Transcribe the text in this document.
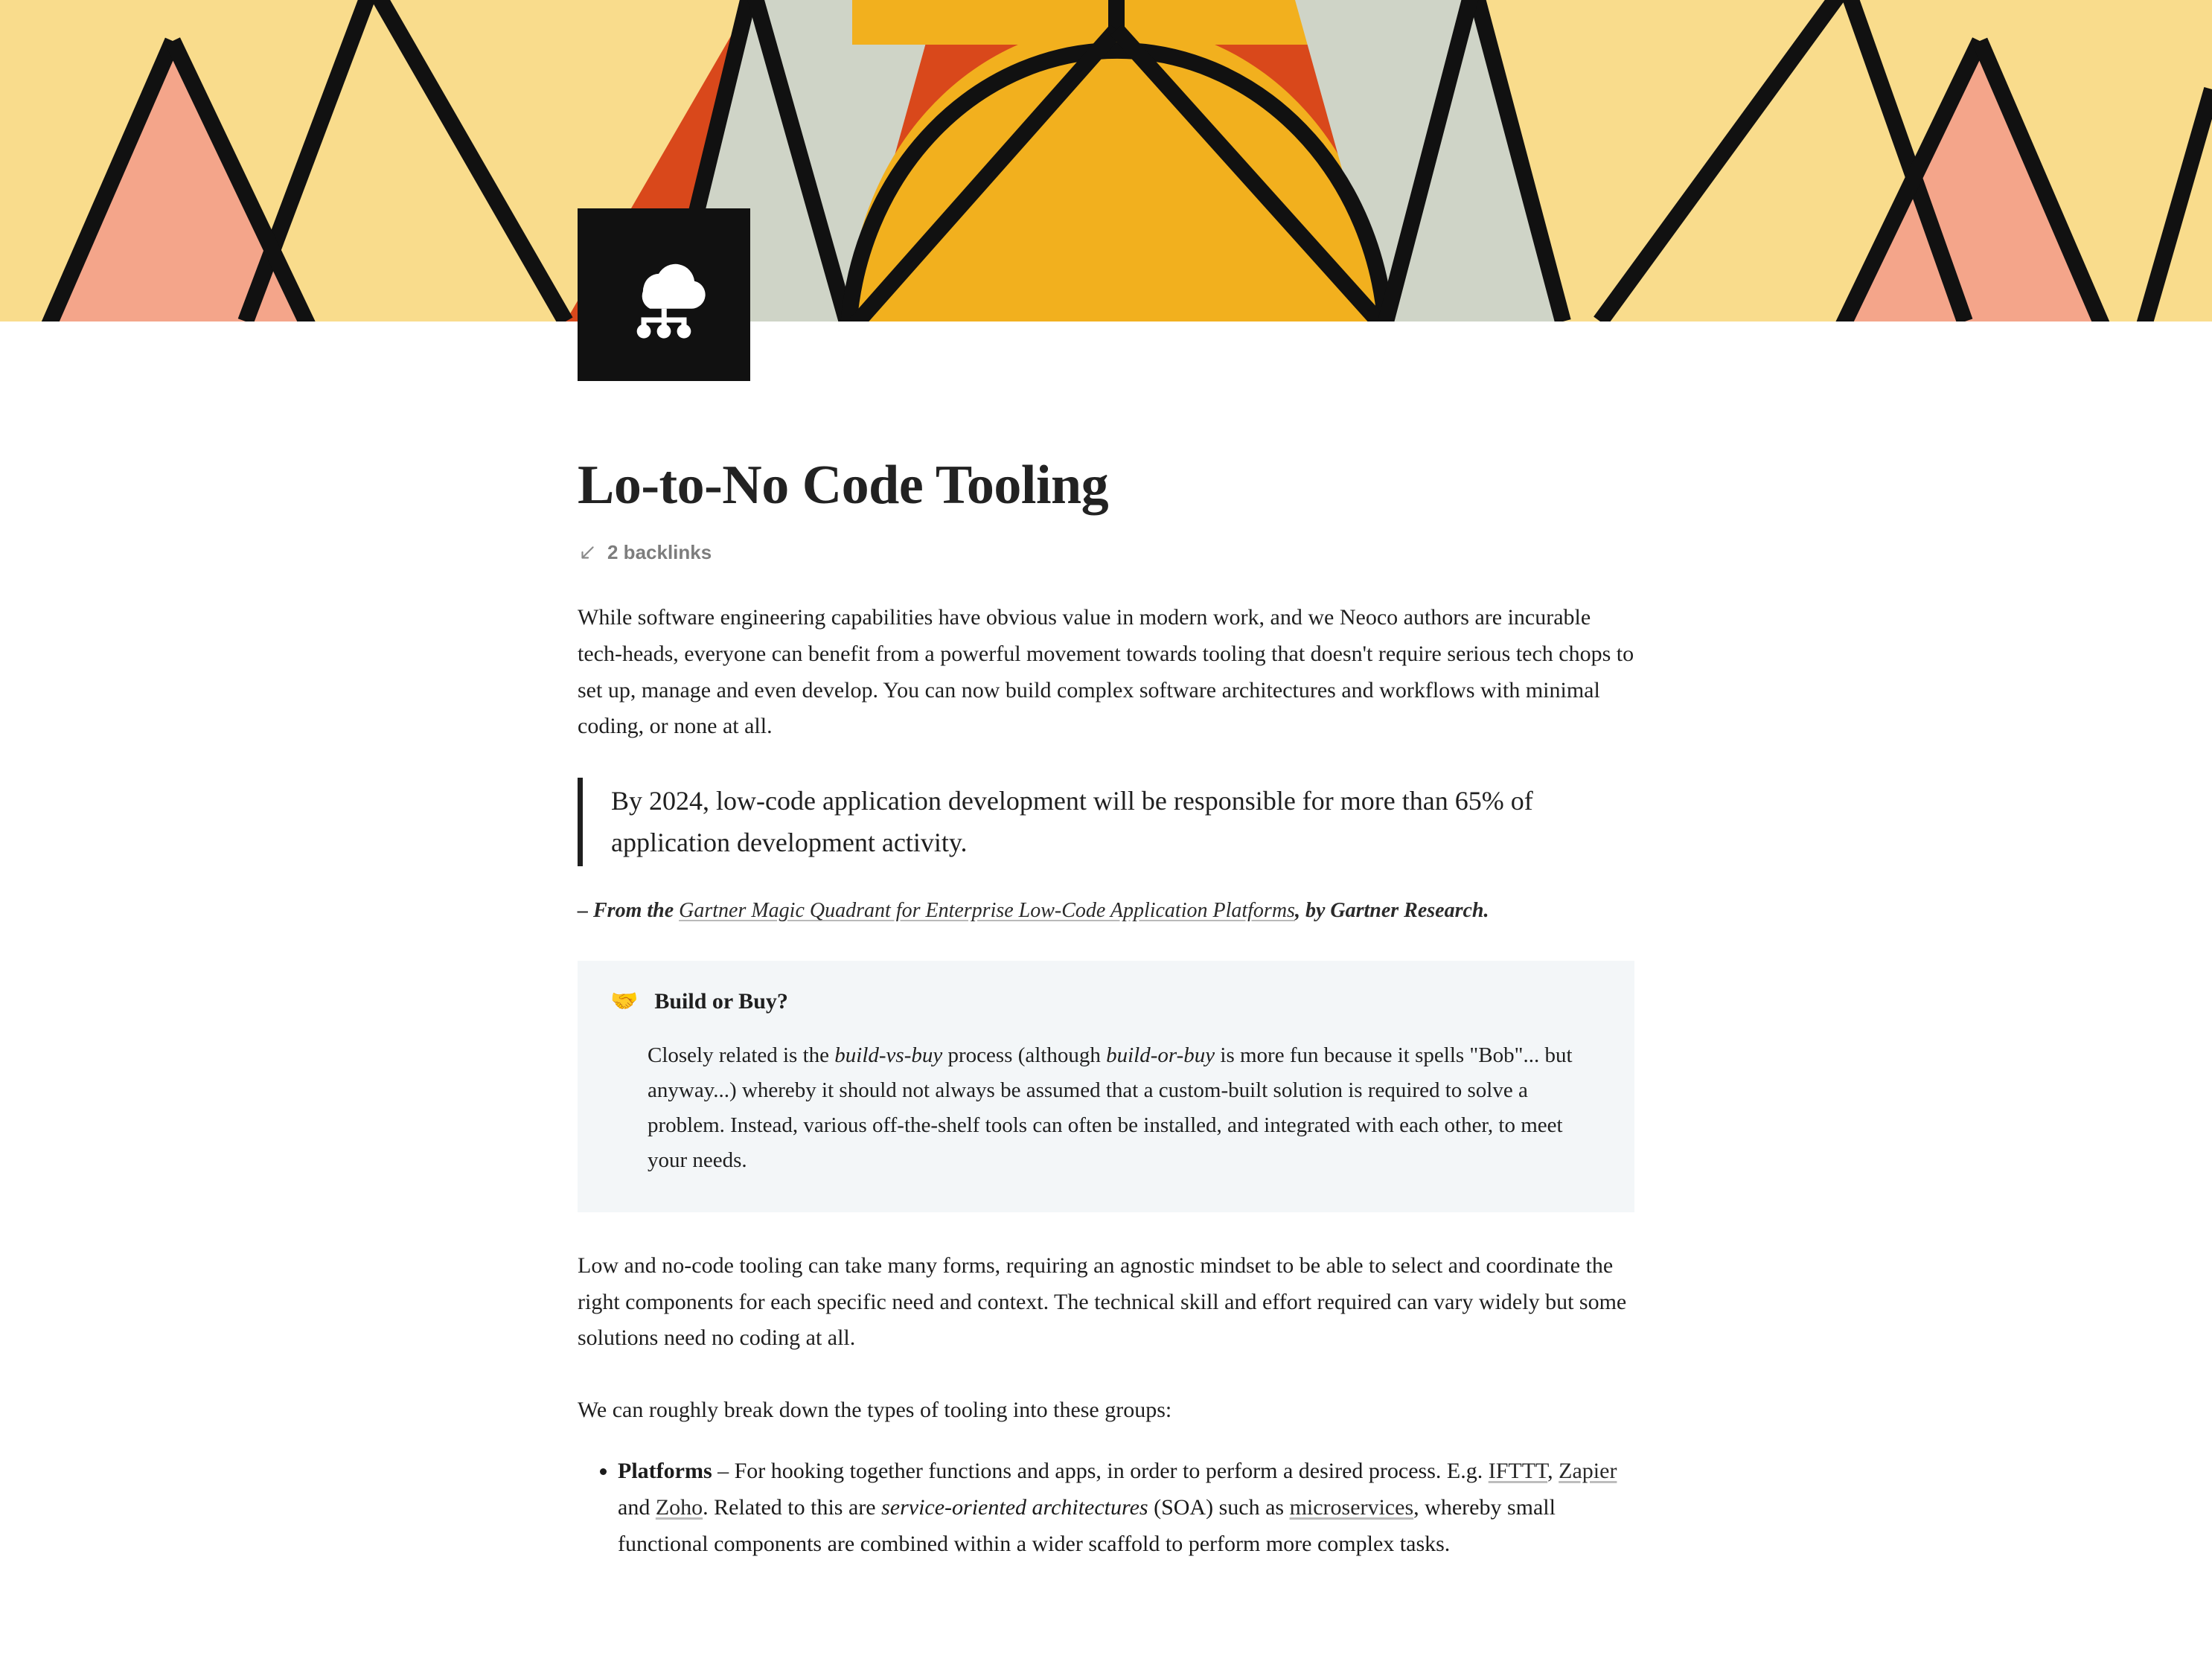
Lo-to-No Code Tooling
2 backlinks

While software engineering capabilities have obvious value in modern work, and we Neoco authors are incurable tech-heads, everyone can benefit from a powerful movement towards tooling that doesn't require serious tech chops to set up, manage and even develop. You can now build complex software architectures and workflows with minimal coding, or none at all.

By 2024, low-code application development will be responsible for more than 65% of application development activity.

– From the Gartner Magic Quadrant for Enterprise Low-Code Application Platforms, by Gartner Research.

🤝 Build or Buy?
Closely related is the build-vs-buy process (although build-or-buy is more fun because it spells "Bob"... but anyway...) whereby it should not always be assumed that a custom-built solution is required to solve a problem. Instead, various off-the-shelf tools can often be installed, and integrated with each other, to meet your needs.

Low and no-code tooling can take many forms, requiring an agnostic mindset to be able to select and coordinate the right components for each specific need and context. The technical skill and effort required can vary widely but some solutions need no coding at all.

We can roughly break down the types of tooling into these groups:

• Platforms – For hooking together functions and apps, in order to perform a desired process. E.g. IFTTT, Zapier and Zoho. Related to this are service-oriented architectures (SOA) such as microservices, whereby small functional components are combined within a wider scaffold to perform more complex tasks.
